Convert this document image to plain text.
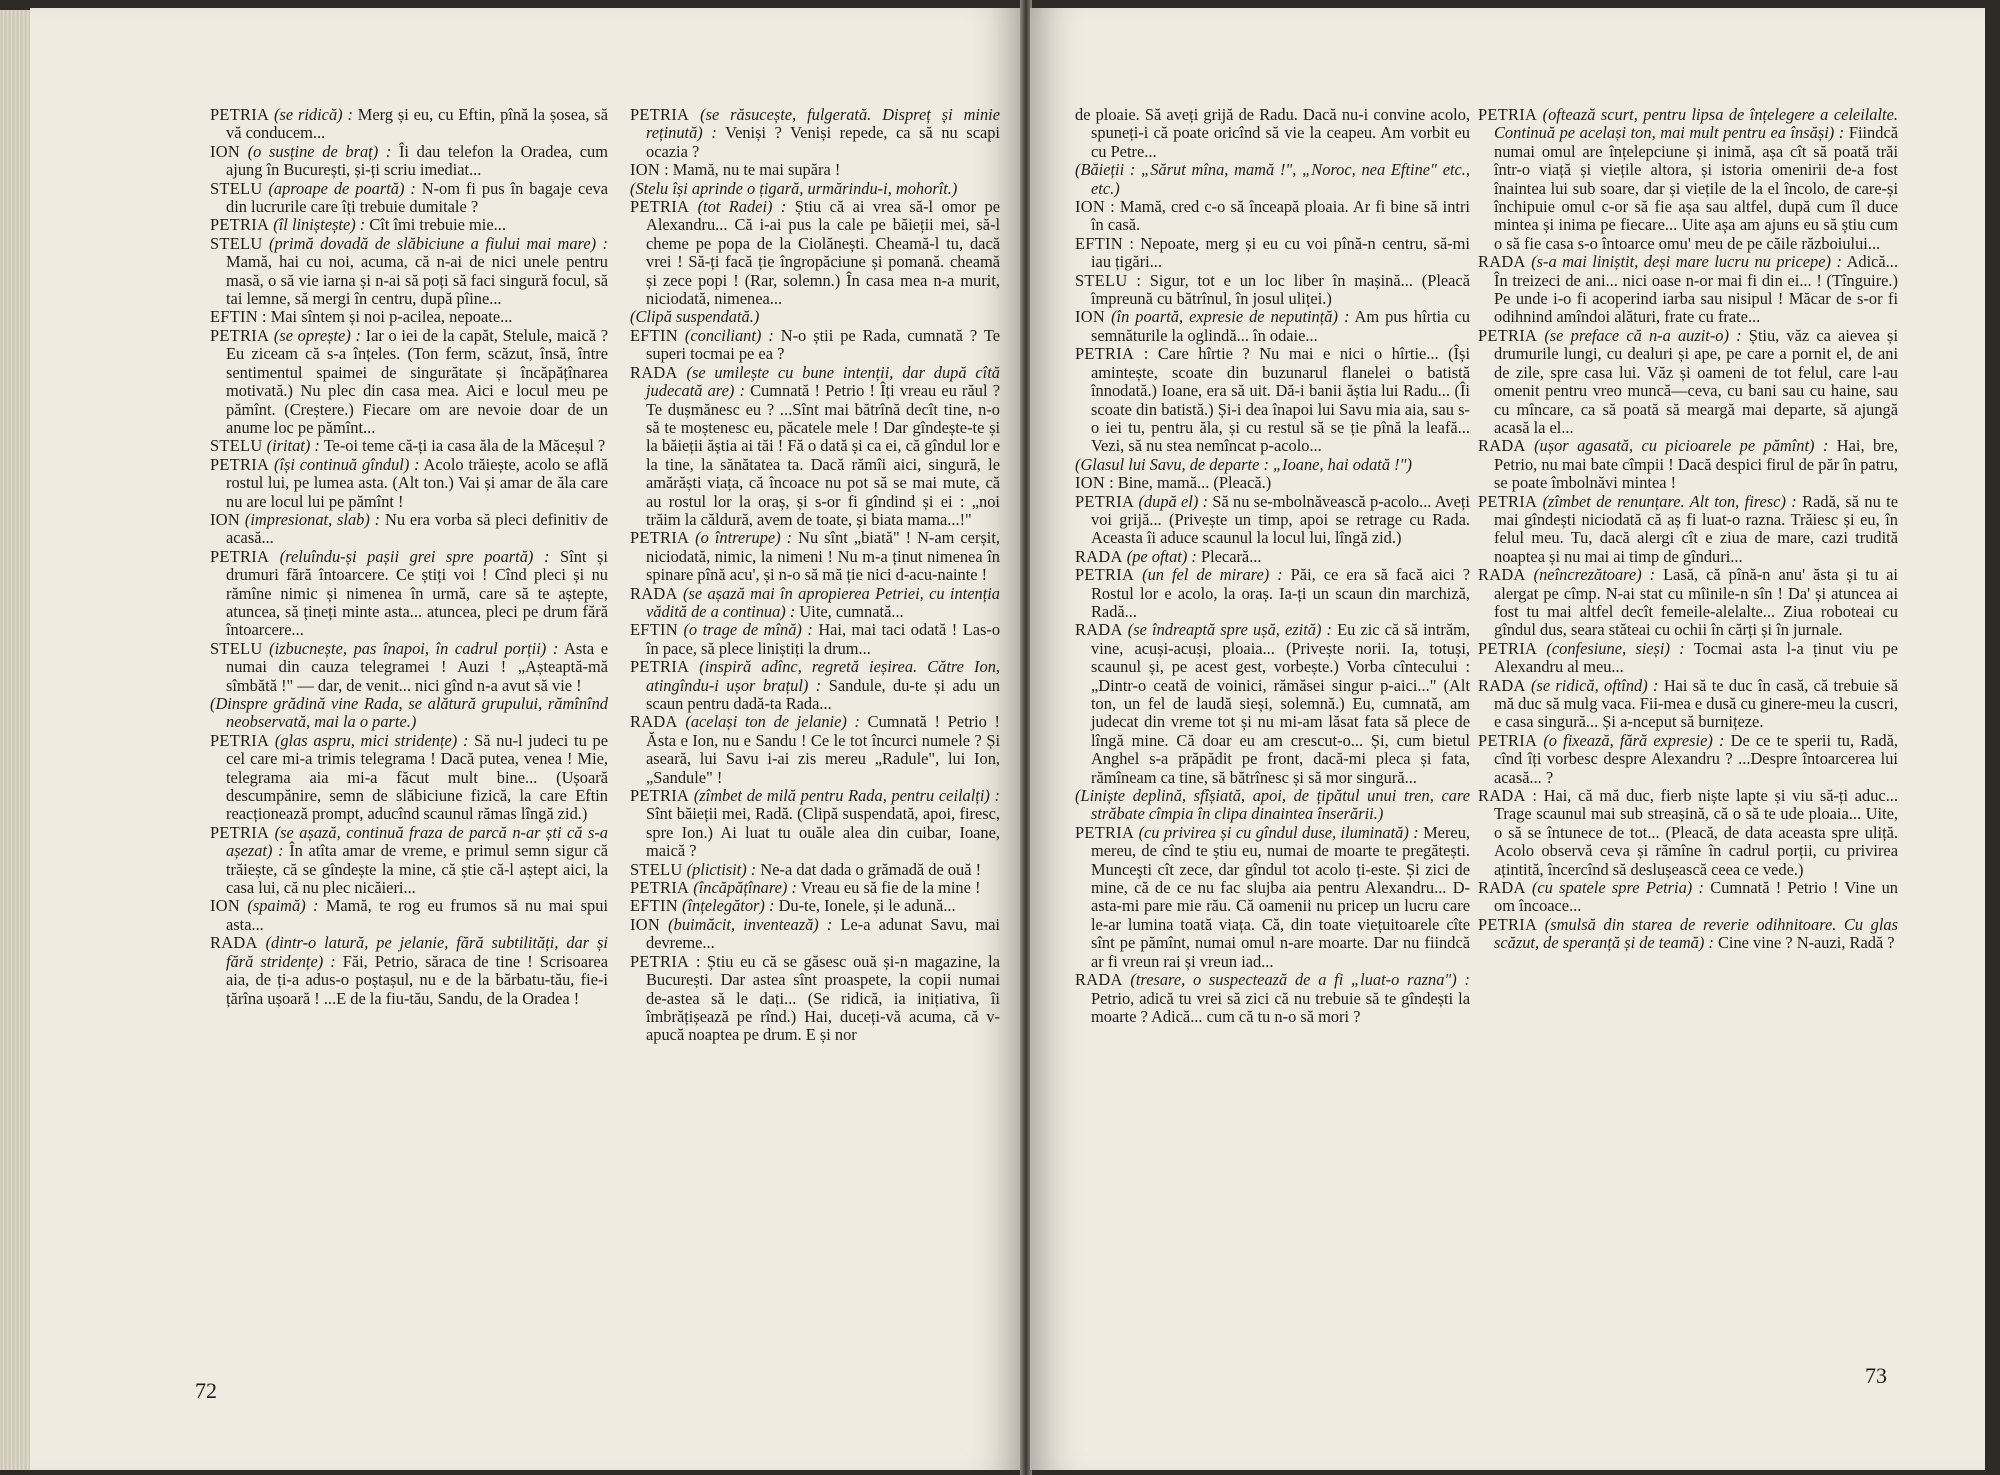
PETRIA (se ridică) : Merg și eu, cu Eftin, pînă la șosea, să vă conducem...

ION (o susține de braț) : Îi dau telefon la Oradea, cum ajung în București, și-ți scriu imediat...

STELU (aproape de poartă) : N-om fi pus în bagaje ceva din lucrurile care îți trebuie dumitale ?

PETRIA (îl liniștește) : Cît îmi trebuie mie...

STELU (primă dovadă de slăbiciune a fiului mai mare) : Mamă, hai cu noi, acuma, că n-ai de nici unele pentru masă, o să vie iarna și n-ai să poți să faci singură focul, să tai lemne, să mergi în centru, după pîine...

EFTIN : Mai sîntem și noi p-acilea, nepoate...

PETRIA (se oprește) : Iar o iei de la capăt, Stelule, maică ? Eu ziceam că s-a înțeles. (Ton ferm, scăzut, însă, între sentimentul spaimei de singurătate și încăpățînarea motivată.) Nu plec din casa mea. Aici e locul meu pe pămînt. (Creștere.) Fiecare om are nevoie doar de un anume loc pe pămînt...

STELU (iritat) : Te-oi teme că-ți ia casa ăla de la Măceșul ?

PETRIA (își continuă gîndul) : Acolo trăiește, acolo se află rostul lui, pe lumea asta. (Alt ton.) Vai și amar de ăla care nu are locul lui pe pămînt !

ION (impresionat, slab) : Nu era vorba să pleci definitiv de acasă...

PETRIA (reluîndu-și pașii grei spre poartă) : Sînt și drumuri fără întoarcere. Ce știți voi ! Cînd pleci și nu rămîne nimic și nimenea în urmă, care să te aștepte, atuncea, să țineți minte asta... atuncea, pleci pe drum fără întoarcere...

STELU (izbucnește, pas înapoi, în cadrul porții) : Asta e numai din cauza telegramei ! Auzi ! „Așteaptă-mă sîmbătă !" — dar, de venit... nici gînd n-a avut să vie !

(Dinspre grădină vine Rada, se alătură grupului, rămînînd neobservată, mai la o parte.)

PETRIA (glas aspru, mici stridențe) : Să nu-l judeci tu pe cel care mi-a trimis telegrama ! Dacă putea, venea ! Mie, telegrama aia mi-a făcut mult bine... (Ușoară descumpănire, semn de slăbiciune fizică, la care Eftin reacționează prompt, aducînd scaunul rămas lîngă zid.)

PETRIA (se așază, continuă fraza de parcă n-ar ști că s-a așezat) : În atîta amar de vreme, e primul semn sigur că trăiește, că se gîndește la mine, că știe că-l aștept aici, la casa lui, că nu plec nicăieri...

ION (spaimă) : Mamă, te rog eu frumos să nu mai spui asta...

RADA (dintr-o latură, pe jelanie, fără subtilități, dar și fără stridențe) : Făi, Petrio, săraca de tine ! Scrisoarea aia, de ți-a adus-o poștașul, nu e de la bărbatu-tău, fie-i țărîna ușoară ! ...E de la fiu-tău, Sandu, de la Oradea !

PETRIA (se răsucește, fulgerată. Dispreț și minie reținută) : Veniși ? Veniși repede, ca să nu scapi ocazia ?

ION : Mamă, nu te mai supăra !

(Stelu își aprinde o țigară, urmărindu-i, mohorît.)

PETRIA (tot Radei) : Știu că ai vrea să-l omor pe Alexandru... Că i-ai pus la cale pe băieții mei, să-l cheme pe popa de la Ciolănești. Cheamă-l tu, dacă vrei ! Să-ți facă ție îngropăciune și pomană. cheamă și zece popi ! (Rar, solemn.) În casa mea n-a murit, niciodată, nimenea...

(Clipă suspendată.)

EFTIN (conciliant) : N-o știi pe Rada, cumnată ? Te superi tocmai pe ea ?

RADA (se umilește cu bune intenții, dar după cîtă judecată are) : Cumnată ! Petrio ! Îți vreau eu răul ? Te dușmănesc eu ? ...Sînt mai bătrînă decît tine, n-o să te moștenesc eu, păcatele mele ! Dar gîndește-te și la băieții ăștia ai tăi ! Fă o dată și ca ei, că gîndul lor e la tine, la sănătatea ta. Dacă rămîi aici, singură, le amărăști viața, că încoace nu pot să se mai mute, că au rostul lor la oraș, și s-or fi gîndind și ei : „noi trăim la căldură, avem de toate, și biata mama...!"

PETRIA (o întrerupe) : Nu sînt „biată" ! N-am cerșit, niciodată, nimic, la nimeni ! Nu m-a ținut nimenea în spinare pînă acu', și n-o să mă ție nici d-acu-nainte !

RADA (se așază mai în apropierea Petriei, cu intenția vădită de a continua) : Uite, cumnată...

EFTIN (o trage de mînă) : Hai, mai taci odată ! Las-o în pace, să plece liniștiți la drum...

PETRIA (inspiră adînc, regretă ieșirea. Către Ion, atingîndu-i ușor brațul) : Sandule, du-te și adu un scaun pentru dadă-ta Rada...

RADA (același ton de jelanie) : Cumnată ! Petrio ! Ăsta e Ion, nu e Sandu ! Ce le tot încurci numele ? Și aseară, lui Savu i-ai zis mereu „Radule", lui Ion, „Sandule" !

PETRIA (zîmbet de milă pentru Rada, pentru ceilalți) : Sînt băieții mei, Radă. (Clipă suspendată, apoi, firesc, spre Ion.) Ai luat tu ouăle alea din cuibar, Ioane, maică ?

STELU (plictisit) : Ne-a dat dada o grămadă de ouă !

PETRIA (încăpățînare) : Vreau eu să fie de la mine !

EFTIN (înțelegător) : Du-te, Ionele, și le adună...

ION (buimăcit, inventează) : Le-a adunat Savu, mai devreme...

PETRIA : Știu eu că se găsesc ouă și-n magazine, la București. Dar astea sînt proaspete, la copii numai de-astea să le dați... (Se ridică, ia inițiativa, îi îmbrățișează pe rînd.) Hai, duceți-vă acuma, că v-apucă noaptea pe drum. E și nor

72

de ploaie. Să aveți grijă de Radu. Dacă nu-i convine acolo, spuneți-i că poate oricînd să vie la ceapeu. Am vorbit eu cu Petre...

(Băieții : „Sărut mîna, mamă !", „Noroc, nea Eftine" etc., etc.)

ION : Mamă, cred c-o să înceapă ploaia. Ar fi bine să intri în casă.

EFTIN : Nepoate, merg și eu cu voi pînă-n centru, să-mi iau țigări...

STELU : Sigur, tot e un loc liber în mașină... (Pleacă împreună cu bătrînul, în josul uliței.)

ION (în poartă, expresie de neputință) : Am pus hîrtia cu semnăturile la oglindă... în odaie...

PETRIA : Care hîrtie ? Nu mai e nici o hîrtie... (Își amintește, scoate din buzunarul flanelei o batistă înnodată.) Ioane, era să uit. Dă-i banii ăștia lui Radu... (Îi scoate din batistă.) Și-i dea înapoi lui Savu mia aia, sau s-o iei tu, pentru ăla, și cu restul să se ție pînă la leafă... Vezi, să nu stea nemîncat p-acolo...

(Glasul lui Savu, de departe : „Ioane, hai odată !")

ION : Bine, mamă... (Pleacă.)

PETRIA (după el) : Să nu se-mbolnăvească p-acolo... Aveți voi grijă... (Privește un timp, apoi se retrage cu Rada. Aceasta îi aduce scaunul la locul lui, lîngă zid.)

RADA (pe oftat) : Plecară...

PETRIA (un fel de mirare) : Păi, ce era să facă aici ? Rostul lor e acolo, la oraș. Ia-ți un scaun din marchiză, Radă...

RADA (se îndreaptă spre ușă, ezită) : Eu zic că să intrăm, vine, acuși-acuși, ploaia... (Privește norii. Ia, totuși, scaunul și, pe acest gest, vorbește.) Vorba cîntecului : „Dintr-o ceată de voinici, rămăsei singur p-aici..." (Alt ton, un fel de laudă sieși, solemnă.) Eu, cumnată, am judecat din vreme tot și nu mi-am lăsat fata să plece de lîngă mine. Că doar eu am crescut-o... Și, cum bietul Anghel s-a prăpădit pe front, dacă-mi pleca și fata, rămîneam ca tine, să bătrînesc și să mor singură...

(Liniște deplină, sfîșiată, apoi, de țipătul unui tren, care străbate cîmpia în clipa dinaintea înserării.)

PETRIA (cu privirea și cu gîndul duse, iluminată) : Mereu, mereu, de cînd te știu eu, numai de moarte te pregătești. Munceşti cît zece, dar gîndul tot acolo ți-este. Și zici de mine, că de ce nu fac slujba aia pentru Alexandru... D-asta-mi pare mie rău. Că oamenii nu pricep un lucru care le-ar lumina toată viața. Că, din toate viețuitoarele cîte sînt pe pămînt, numai omul n-are moarte. Dar nu fiindcă ar fi vreun rai și vreun iad...

RADA (tresare, o suspectează de a fi „luat-o razna") : Petrio, adică tu vrei să zici că nu trebuie să te gîndești la moarte ? Adică... cum că tu n-o să mori ?

PETRIA (oftează scurt, pentru lipsa de înțelegere a celeilalte. Continuă pe același ton, mai mult pentru ea însăși) : Fiindcă numai omul are înțelepciune și inimă, așa cît să poată trăi într-o viață și viețile altora, și istoria omenirii de-a fost înaintea lui sub soare, dar și viețile de la el încolo, de care-și închipuie omul c-or să fie așa sau altfel, după cum îl duce mintea și inima pe fiecare... Uite așa am ajuns eu să știu cum o să fie casa s-o întoarce omu' meu de pe căile războiului...

RADA (s-a mai liniștit, deși mare lucru nu pricepe) : Adică... În treizeci de ani... nici oase n-or mai fi din ei... ! (Tînguire.) Pe unde i-o fi acoperind iarba sau nisipul ! Măcar de s-or fi odihnind amîndoi alături, frate cu frate...

PETRIA (se preface că n-a auzit-o) : Știu, văz ca aievea și drumurile lungi, cu dealuri și ape, pe care a pornit el, de ani de zile, spre casa lui. Văz și oameni de tot felul, care l-au omenit pentru vreo muncă—ceva, cu bani sau cu haine, sau cu mîncare, ca să poată să meargă mai departe, să ajungă acasă la el...

RADA (ușor agasată, cu picioarele pe pămînt) : Hai, bre, Petrio, nu mai bate cîmpii ! Dacă despici firul de păr în patru, se poate îmbolnăvi mintea !

PETRIA (zîmbet de renunțare. Alt ton, firesc) : Radă, să nu te mai gîndești niciodată că aș fi luat-o razna. Trăiesc și eu, în felul meu. Tu, dacă alergi cît e ziua de mare, cazi trudită noaptea și nu mai ai timp de gînduri...

RADA (neîncrezătoare) : Lasă, că pînă-n anu' ăsta și tu ai alergat pe cîmp. N-ai stat cu mîinile-n sîn ! Da' și atuncea ai fost tu mai altfel decît femeile-alelalte... Ziua roboteai cu gîndul dus, seara stăteai cu ochii în cărți și în jurnale.

PETRIA (confesiune, sieși) : Tocmai asta l-a ținut viu pe Alexandru al meu...

RADA (se ridică, oftînd) : Hai să te duc în casă, că trebuie să mă duc să mulg vaca. Fii-mea e dusă cu ginere-meu la cuscri, e casa singură... Și a-nceput să burnițeze.

PETRIA (o fixează, fără expresie) : De ce te sperii tu, Radă, cînd îți vorbesc despre Alexandru ? ...Despre întoarcerea lui acasă... ?

RADA : Hai, că mă duc, fierb niște lapte și viu să-ți aduc... Trage scaunul mai sub streașină, că o să te ude ploaia... Uite, o să se întunece de tot... (Pleacă, de data aceasta spre uliță. Acolo observă ceva și rămîne în cadrul porții, cu privirea ațintită, încercînd să deslușească ceea ce vede.)

RADA (cu spatele spre Petria) : Cumnată ! Petrio ! Vine un om încoace...

PETRIA (smulsă din starea de reverie odihnitoare. Cu glas scăzut, de speranță și de teamă) : Cine vine ? N-auzi, Radă ?

73
